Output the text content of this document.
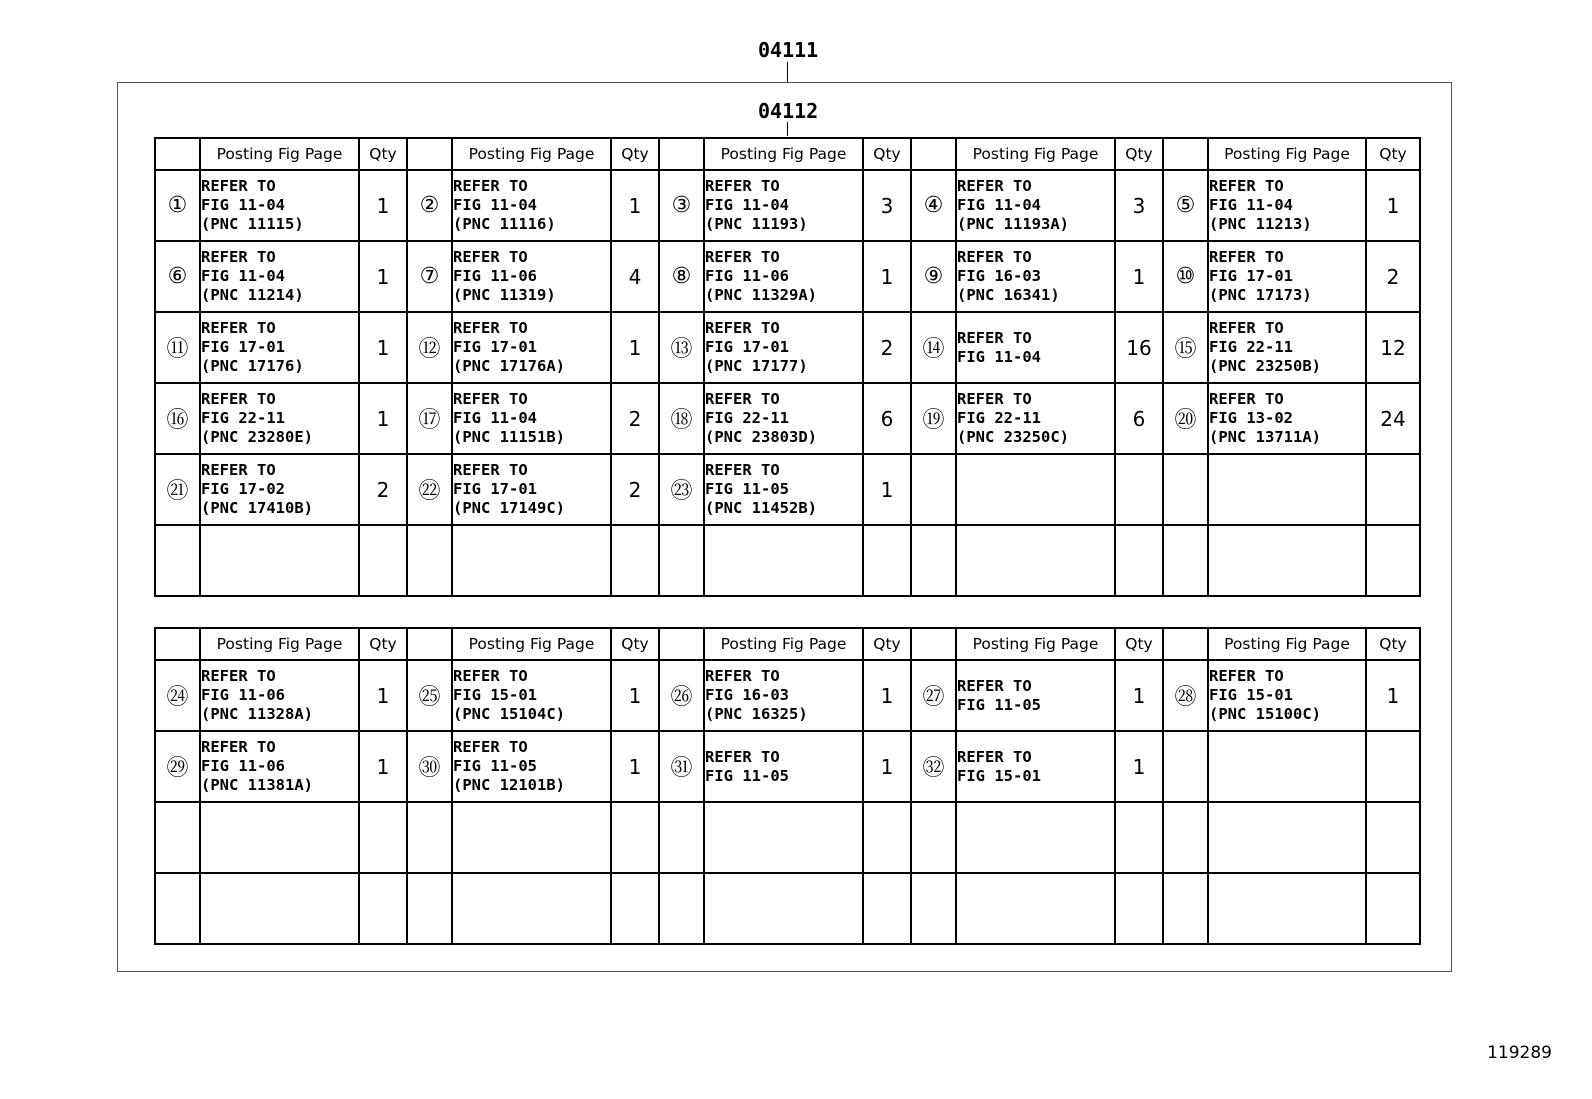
04111
04112
	Posting Fig Page	Qty		Posting Fig Page	Qty		Posting Fig Page	Qty		Posting Fig Page	Qty		Posting Fig Page	Qty
①	REFER TO
FIG 11-04
(PNC 11115)	1	②	REFER TO
FIG 11-04
(PNC 11116)	1	③	REFER TO
FIG 11-04
(PNC 11193)	3	④	REFER TO
FIG 11-04
(PNC 11193A)	3	⑤	REFER TO
FIG 11-04
(PNC 11213)	1
⑥	REFER TO
FIG 11-04
(PNC 11214)	1	⑦	REFER TO
FIG 11-06
(PNC 11319)	4	⑧	REFER TO
FIG 11-06
(PNC 11329A)	1	⑨	REFER TO
FIG 16-03
(PNC 16341)	1	⑩	REFER TO
FIG 17-01
(PNC 17173)	2
⑪	REFER TO
FIG 17-01
(PNC 17176)	1	⑫	REFER TO
FIG 17-01
(PNC 17176A)	1	⑬	REFER TO
FIG 17-01
(PNC 17177)	2	⑭	REFER TO
FIG 11-04	16	⑮	REFER TO
FIG 22-11
(PNC 23250B)	12
⑯	REFER TO
FIG 22-11
(PNC 23280E)	1	⑰	REFER TO
FIG 11-04
(PNC 11151B)	2	⑱	REFER TO
FIG 22-11
(PNC 23803D)	6	⑲	REFER TO
FIG 22-11
(PNC 23250C)	6	⑳	REFER TO
FIG 13-02
(PNC 13711A)	24
㉑	REFER TO
FIG 17-02
(PNC 17410B)	2	㉒	REFER TO
FIG 17-01
(PNC 17149C)	2	㉓	REFER TO
FIG 11-05
(PNC 11452B)	1						

	Posting Fig Page	Qty		Posting Fig Page	Qty		Posting Fig Page	Qty		Posting Fig Page	Qty		Posting Fig Page	Qty
㉔	REFER TO
FIG 11-06
(PNC 11328A)	1	㉕	REFER TO
FIG 15-01
(PNC 15104C)	1	㉖	REFER TO
FIG 16-03
(PNC 16325)	1	㉗	REFER TO
FIG 11-05	1	㉘	REFER TO
FIG 15-01
(PNC 15100C)	1
㉙	REFER TO
FIG 11-06
(PNC 11381A)	1	㉚	REFER TO
FIG 11-05
(PNC 12101B)	1	㉛	REFER TO
FIG 11-05	1	㉜	REFER TO
FIG 15-01	1			

119289
